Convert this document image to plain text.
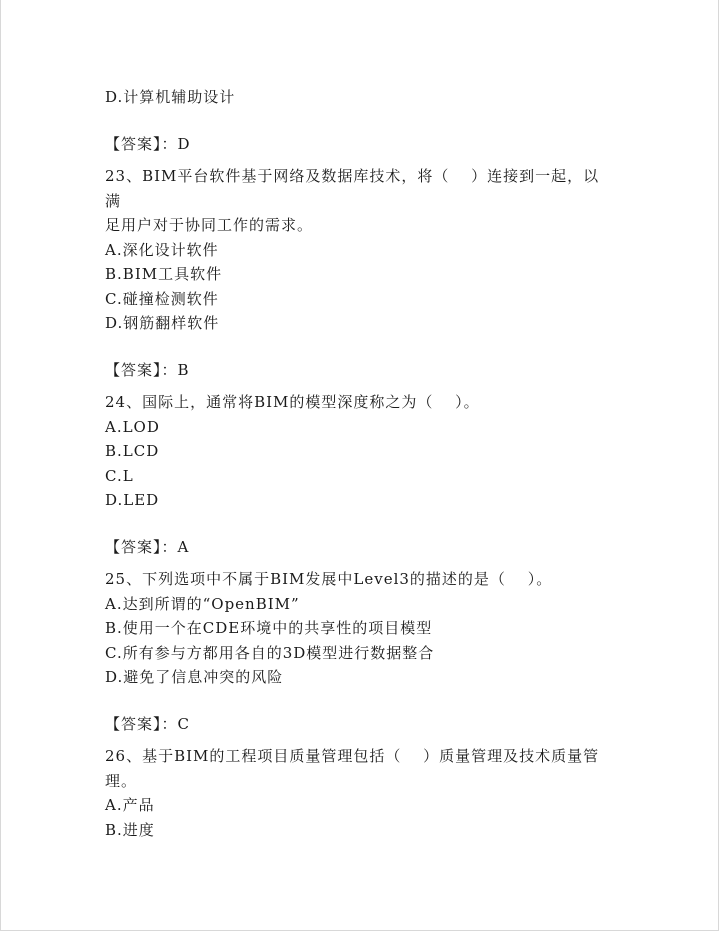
D.计算机辅助设计
【答案】：D
23、BIM平台软件基于网络及数据库技术，将（　 ）连接到一起，以满
足用户对于协同工作的需求。
A.深化设计软件
B.BIM工具软件
C.碰撞检测软件
D.钢筋翻样软件
【答案】：B
24、国际上，通常将BIM的模型深度称之为（　 ）。
A.LOD
B.LCD
C.L
D.LED
【答案】：A
25、下列选项中不属于BIM发展中Level3的描述的是（　 ）。
A.达到所谓的“OpenBIM”
B.使用一个在CDE环境中的共享性的项目模型
C.所有参与方都用各自的3D模型进行数据整合
D.避免了信息冲突的风险
【答案】：C
26、基于BIM的工程项目质量管理包括（　 ）质量管理及技术质量管
理。
A.产品
B.进度
